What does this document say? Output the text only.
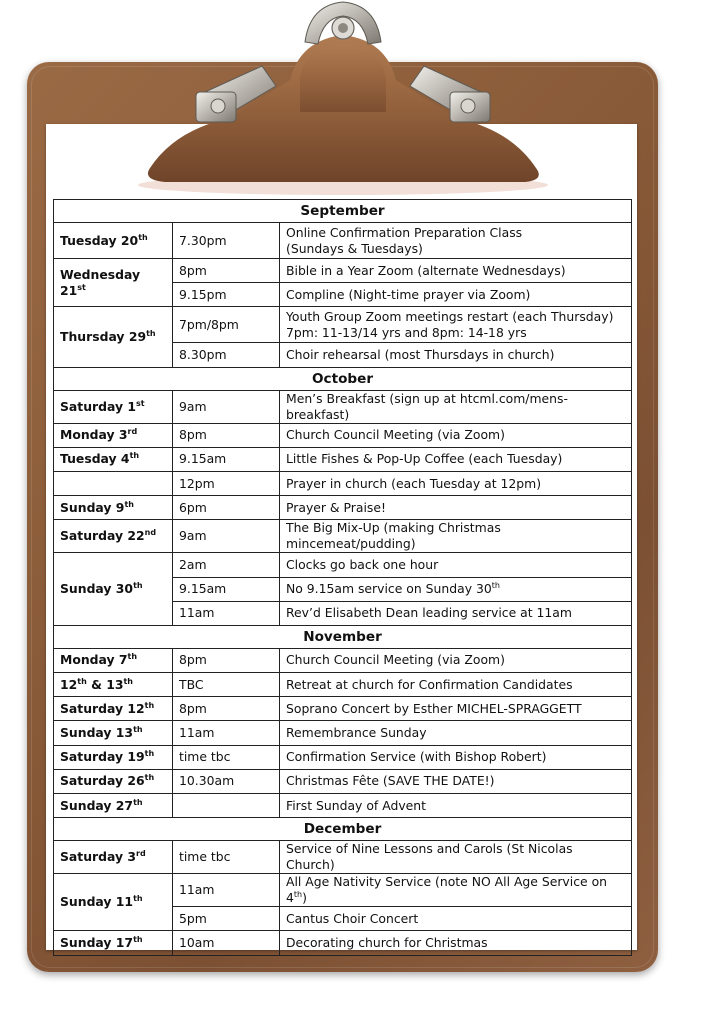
September		
Tuesday 20th	7.30pm	Online Confirmation Preparation Class
(Sundays & Tuesdays)

Wednesday 21st	8pm	Bible in a Year Zoom (alternate Wednesdays)
	9.15pm	Compline (Night-time prayer via Zoom)
Thursday 29th	7pm/8pm	Youth Group Zoom meetings restart (each Thursday)
7pm: 11-13/14 yrs and 8pm: 14-18 yrs

	8.30pm	Choir rehearsal (most Thursdays in church)
October		
Saturday 1st	9am	Men’s Breakfast (sign up at htcml.com/mens-breakfast)
Monday 3rd	8pm	Church Council Meeting (via Zoom)
Tuesday 4th	9.15am	Little Fishes & Pop-Up Coffee (each Tuesday)
	12pm	Prayer in church (each Tuesday at 12pm)
Sunday 9th	6pm	Prayer & Praise!
Saturday 22nd	9am	The Big Mix-Up (making Christmas mincemeat/pudding)
Sunday 30th	2am	Clocks go back one hour
	9.15am	No 9.15am service on Sunday 30th
	11am	Rev’d Elisabeth Dean leading service at 11am
November		
Monday 7th	8pm	Church Council Meeting (via Zoom)
12th & 13th	TBC	Retreat at church for Confirmation Candidates
Saturday 12th	8pm	Soprano Concert by Esther MICHEL-SPRAGGETT
Sunday 13th	11am	Remembrance Sunday
Saturday 19th	time tbc	Confirmation Service (with Bishop Robert)
Saturday 26th	10.30am	Christmas Fête (SAVE THE DATE!)
Sunday 27th		First Sunday of Advent
December		
Saturday 3rd	time tbc	Service of Nine Lessons and Carols (St Nicolas Church)
Sunday 11th	11am	All Age Nativity Service (note NO All Age Service on 4th)
	5pm	Cantus Choir Concert
Sunday 17th	10am	Decorating church for Christmas
